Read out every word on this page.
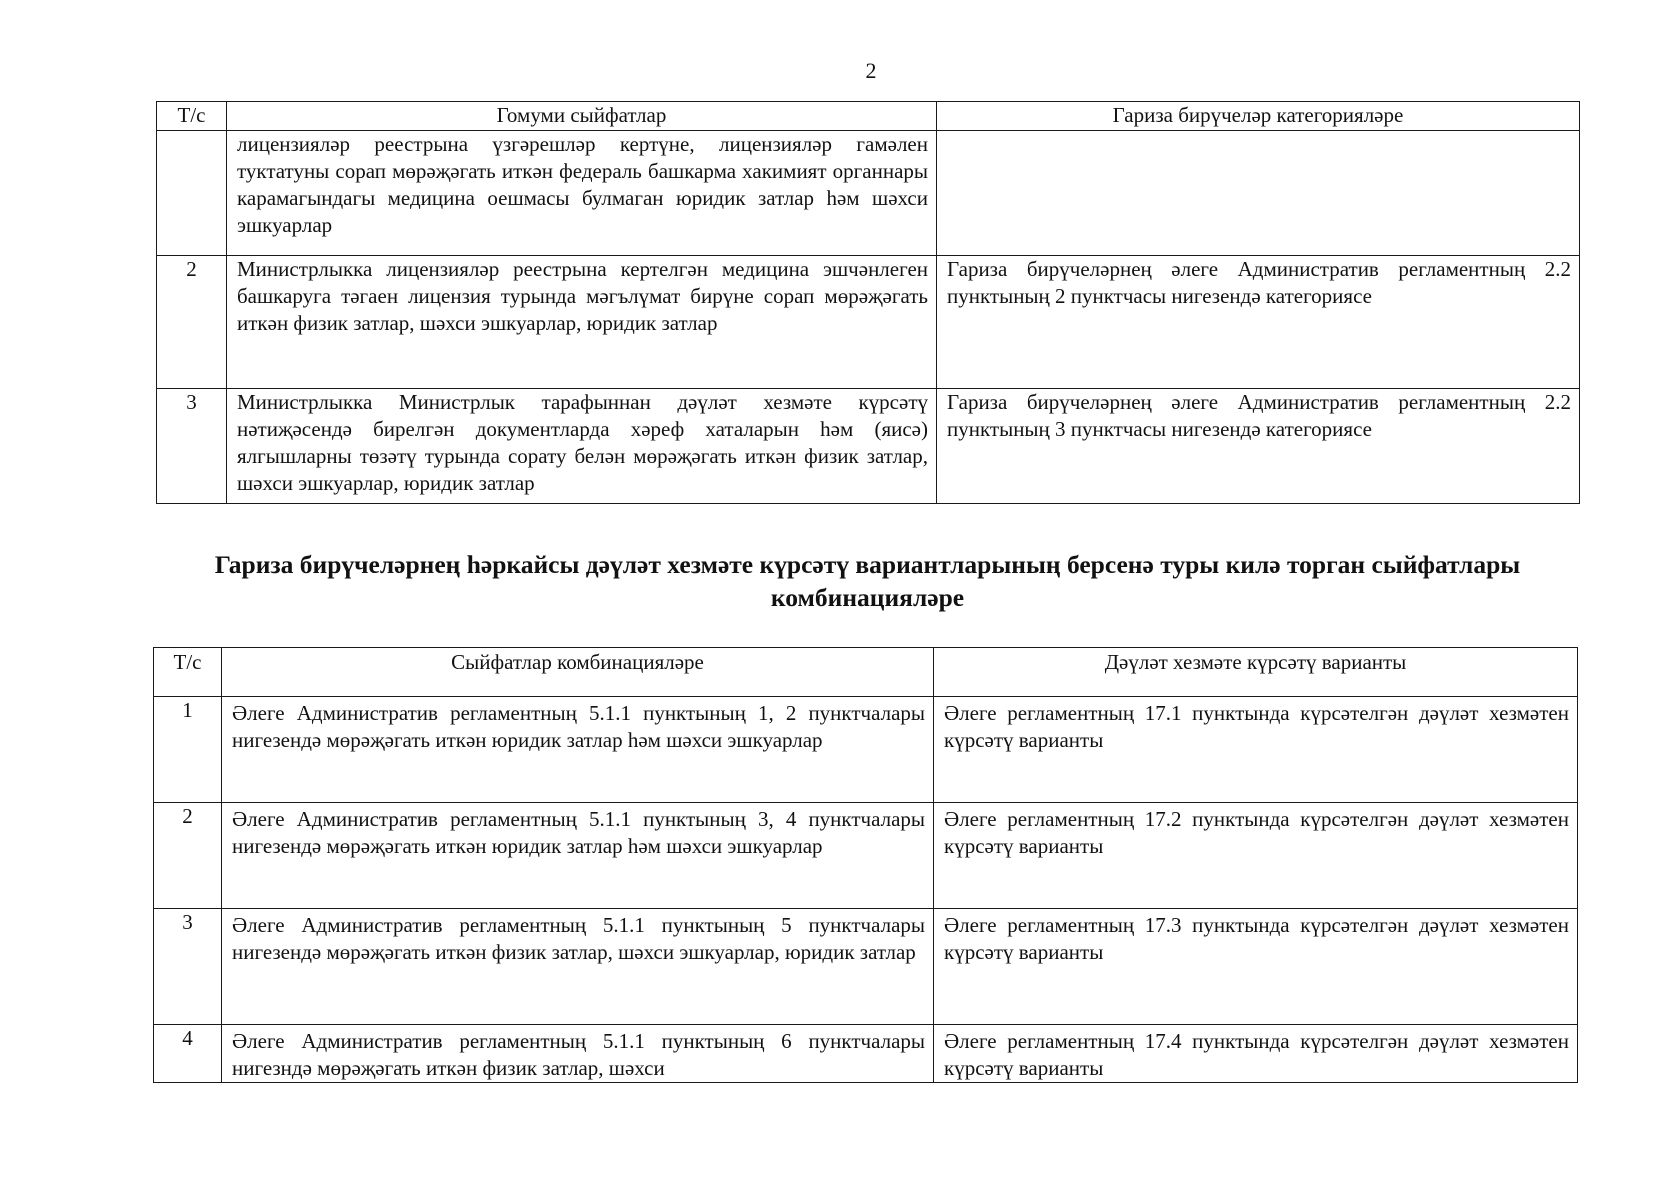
2
Т/с	Гомуми сыйфатлар	Гариза бирүчеләр категорияләре
	лицензияләр реестрына үзгәрешләр кертүне, лицензияләр гамәлен туктатуны сорап мөрәҗәгать иткән федераль башкарма хакимият органнары карамагындагы медицина оешмасы булмаган юридик затлар һәм шәхси эшкуарлар	
2	Министрлыкка лицензияләр реестрына кертелгән медицина эшчәнлеген башкаруга тәгаен лицензия турында мәгълүмат бирүне сорап мөрәҗәгать иткән физик затлар, шәхси эшкуарлар, юридик затлар	Гариза бирүчеләрнең әлеге Административ регламентның 2.2 пунктының 2 пунктчасы нигезендә категориясе
3	Министрлыкка Министрлык тарафыннан дәүләт хезмәте күрсәтү нәтиҗәсендә бирелгән документларда хәреф хаталарын һәм (яисә) ялгышларны төзәтү турында сорату белән мөрәҗәгать иткән физик затлар, шәхси эшкуарлар, юридик затлар	Гариза бирүчеләрнең әлеге Административ регламентның 2.2 пунктының 3 пунктчасы нигезендә категориясе
Гариза бирүчеләрнең һәркайсы дәүләт хезмәте күрсәтү вариантларының берсенә туры килә торган сыйфатлары комбинацияләре
Т/с	Сыйфатлар комбинацияләре	Дәүләт хезмәте күрсәтү варианты
1	Әлеге Административ регламентның 5.1.1 пунктының 1, 2 пунктчалары нигезендә мөрәҗәгать иткән юридик затлар һәм шәхси эшкуарлар	Әлеге регламентның 17.1 пунктында күрсәтелгән дәүләт хезмәтен күрсәтү варианты
2	Әлеге Административ регламентның 5.1.1 пунктының 3, 4 пунктчалары нигезендә мөрәҗәгать иткән юридик затлар һәм шәхси эшкуарлар	Әлеге регламентның 17.2 пунктында күрсәтелгән дәүләт хезмәтен күрсәтү варианты
3	Әлеге Административ регламентның 5.1.1 пунктының 5 пунктчалары нигезендә мөрәҗәгать иткән физик затлар, шәхси эшкуарлар, юридик затлар	Әлеге регламентның 17.3 пунктында күрсәтелгән дәүләт хезмәтен күрсәтү варианты
4	Әлеге Административ регламентның 5.1.1 пунктының 6 пунктчалары нигезндә мөрәҗәгать иткән физик затлар, шәхси	Әлеге регламентның 17.4 пунктында күрсәтелгән дәүләт хезмәтен күрсәтү варианты
